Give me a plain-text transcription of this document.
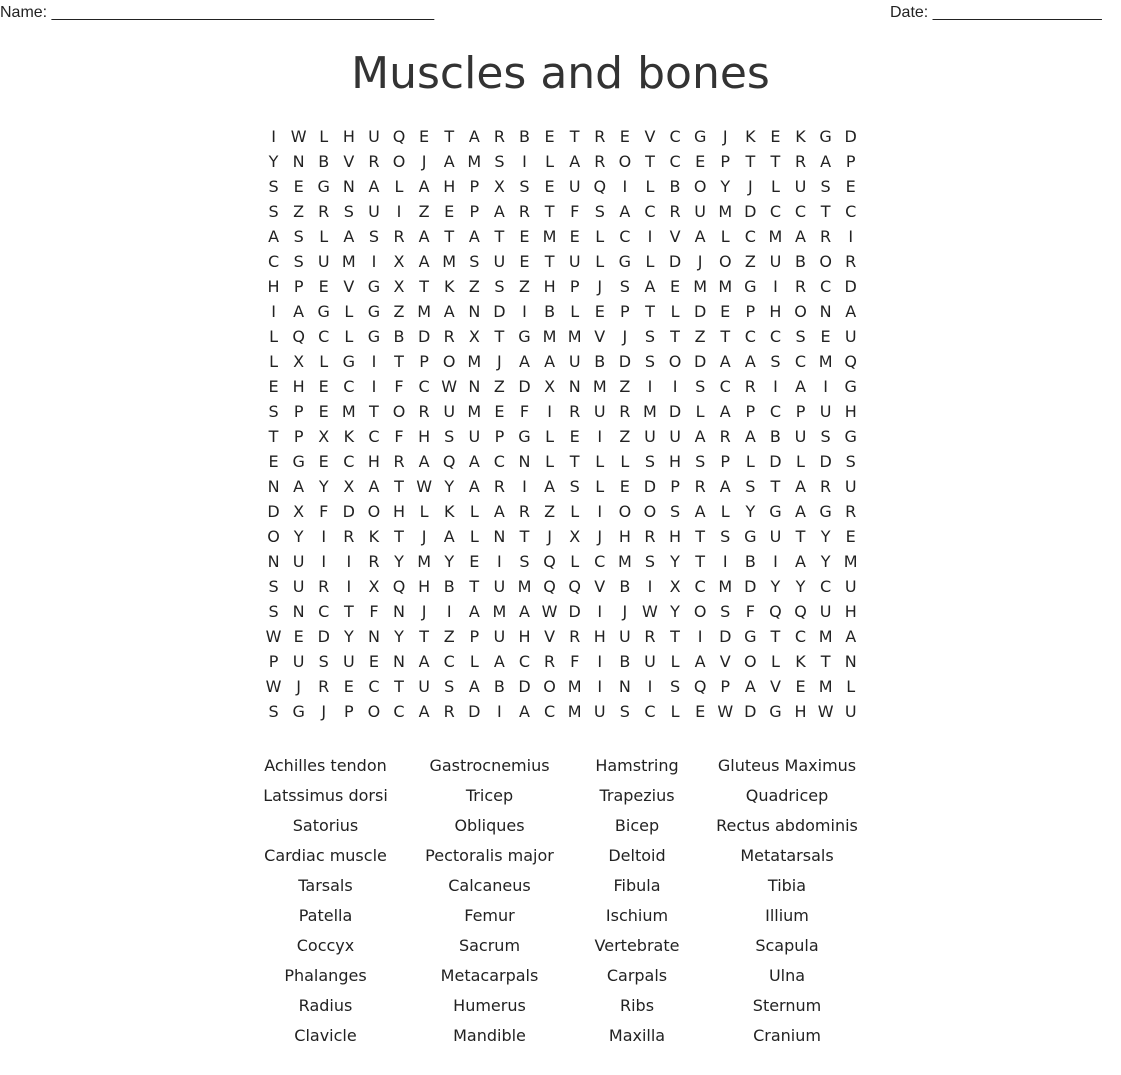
Name: ___________________________________________	Date: ___________________
Muscles and bones
I W L H U Q E T A R B E T R E V C G	J	K E K G D
Y N B V R O	J	A M S	I	L A R O T C E P T T R A P
S E G N A L A H P X S E U Q	I	L B O Y	J	L U S E
S Z R S U	I	Z E P A R T F S A C R U M D C C T C
A S L A S R A T A T E M E L C	I	V A L C M A R	I
C S U M I	X A M S U E T U L G L D	J	O Z U B O R
H P E V G X T K Z S Z H P	J	S A E M M G	I	R C D
I	A G L G Z M A N D	I	B L E P T L D E P H O N A
L Q C L G B D R X T G M M V	J	S T Z T C C S E U
L X L G	I	T P O M J	A A U B D S O D A A S C M Q
E H E C	I	F C W N Z D X N M Z	I	I	S C R	I	A	I	G
S P E M T O R U M E F	I	R U R M D L A P C P U H
T P X K C F H S U P G L E	I	Z U U A R A B U S G
E G E C H R A Q A C N L T L	L S H S P L D L D S
N A Y X A T W Y A R	I	A S L E D P R A S T A R U
D X F D O H L K L A R Z L	I	O O S A L Y G A G R
O Y	I	R K T	J	A L N T	J	X	J	H R H T S G U T Y E
N U	I	I	R Y M Y E	I	S Q L C M S Y T	I	B	I	A Y M
S U R	I	X Q H B T U M Q Q V B	I	X C M D Y Y C U
S N C T F N	J	I	A M A W D	I	J W Y O S F Q Q U H
W E D Y N Y T Z P U H V R H U R T	I	D G T C M A
P U S U E N A C L A C R F	I	B U L A V O L K T N
W J	R E C T U S A B D O M I	N	I	S Q P A V E M L
S G	J	P O C A R D	I	A C M U S C L E W D G H W U
Achilles tendon	Gastrocnemius	Hamstring	Gluteus Maximus
Latssimus dorsi	Tricep	Trapezius	Quadricep
Satorius	Obliques	Bicep	Rectus abdominis
Cardiac muscle	Pectoralis major	Deltoid	Metatarsals
Tarsals	Calcaneus	Fibula	Tibia
Patella	Femur	Ischium	Illium
Coccyx	Sacrum	Vertebrate	Scapula
Phalanges	Metacarpals	Carpals	Ulna
Radius	Humerus	Ribs	Sternum
Clavicle	Mandible	Maxilla	Cranium
